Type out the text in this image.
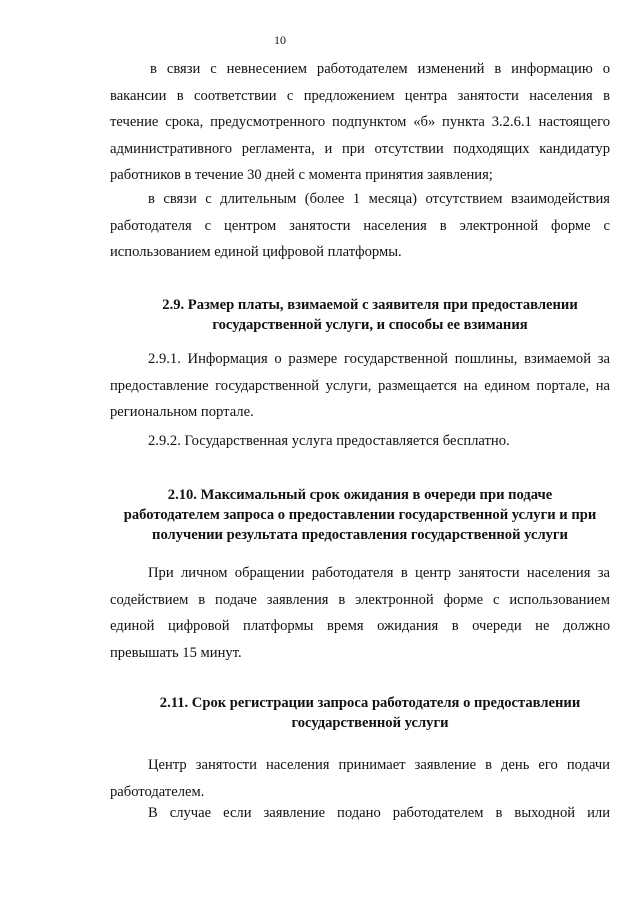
10
в связи с невнесением работодателем изменений в информацию о
вакансии в соответствии с предложением центра занятости населения в
течение срока, предусмотренного подпунктом «б» пункта 3.2.6.1 настоящего
административного регламента, и при отсутствии подходящих кандидатур
работников в течение 30 дней с момента принятия заявления;
в связи с длительным (более 1 месяца) отсутствием взаимодействия
работодателя с центром занятости населения в электронной форме с
использованием единой цифровой платформы.
2.9. Размер платы, взимаемой с заявителя при предоставлении
государственной услуги, и способы ее взимания
2.9.1. Информация о размере государственной пошлины, взимаемой за
предоставление государственной услуги, размещается на едином портале, на
региональном портале.
2.9.2. Государственная услуга предоставляется бесплатно.
2.10. Максимальный срок ожидания в очереди при подаче
работодателем запроса о предоставлении государственной услуги и при
получении результата предоставления государственной услуги
При личном обращении работодателя в центр занятости населения за
содействием в подаче заявления в электронной форме с использованием
единой цифровой платформы время ожидания в очереди не должно
превышать 15 минут.
2.11. Срок регистрации запроса работодателя о предоставлении
государственной услуги
Центр занятости населения принимает заявление в день его подачи
работодателем.
В случае если заявление подано работодателем в выходной или
